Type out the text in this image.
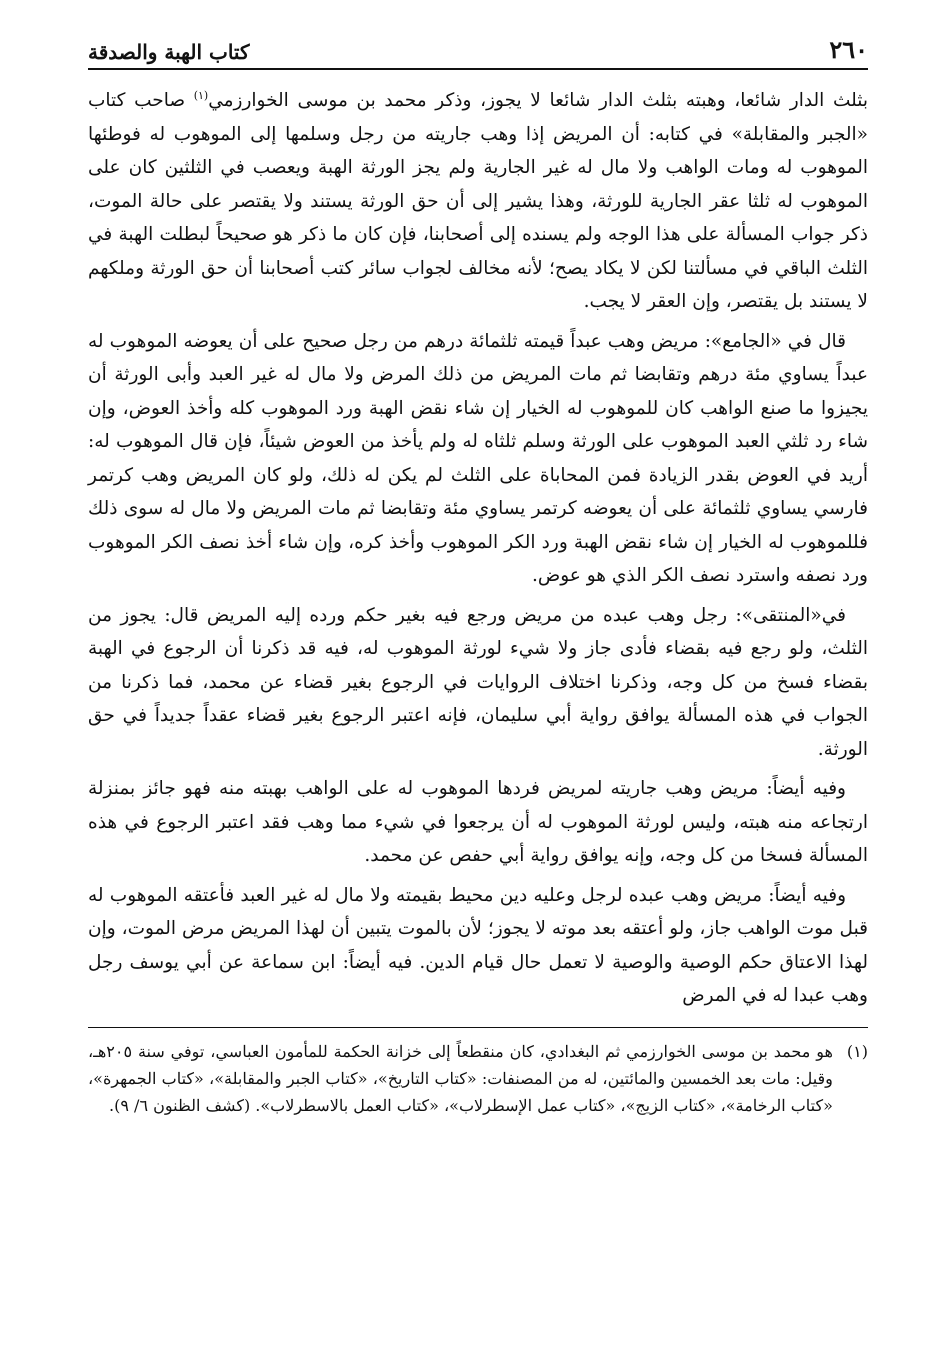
٢٦٠
كتاب الهبة والصدقة

بثلث الدار شائعا، وهبته بثلث الدار شائعا لا يجوز، وذكر محمد بن موسى الخوارزمي$^{(١)}$ صاحب كتاب «الجبر والمقابلة» في كتابه: أن المريض إذا وهب جاريته من رجل وسلمها إلى الموهوب له فوطئها الموهوب له ومات الواهب ولا مال له غير الجارية ولم يجز الورثة الهبة ويعصب في الثلثين كان على الموهوب له ثلثا عقر الجارية للورثة، وهذا يشير إلى أن حق الورثة يستند ولا يقتصر على حالة الموت، ذكر جواب المسألة على هذا الوجه ولم يسنده إلى أصحابنا، فإن كان ما ذكر هو صحيحاً لبطلت الهبة في الثلث الباقي في مسألتنا لكن لا يكاد يصح؛ لأنه مخالف لجواب سائر كتب أصحابنا أن حق الورثة وملكهم لا يستند بل يقتصر، وإن العقر لا يجب.

قال في «الجامع»: مريض وهب عبداً قيمته ثلثمائة درهم من رجل صحيح على أن يعوضه الموهوب له عبداً يساوي مئة درهم وتقابضا ثم مات المريض من ذلك المرض ولا مال له غير العبد وأبى الورثة أن يجيزوا ما صنع الواهب كان للموهوب له الخيار إن شاء نقض الهبة ورد الموهوب كله وأخذ العوض، وإن شاء رد ثلثي العبد الموهوب على الورثة وسلم ثلثاه له ولم يأخذ من العوض شيئاً، فإن قال الموهوب له: أريد في العوض بقدر الزيادة فمن المحاباة على الثلث لم يكن له ذلك، ولو كان المريض وهب كرتمر فارسي يساوي ثلثمائة على أن يعوضه كرتمر يساوي مئة وتقابضا ثم مات المريض ولا مال له سوى ذلك فللموهوب له الخيار إن شاء نقض الهبة ورد الكر الموهوب وأخذ كره، وإن شاء أخذ نصف الكر الموهوب ورد نصفه واسترد نصف الكر الذي هو عوض.

في«المنتقى»: رجل وهب عبده من مريض ورجع فيه بغير حكم ورده إليه المريض قال: يجوز من الثلث، ولو رجع فيه بقضاء فأدى جاز ولا شيء لورثة الموهوب له، فيه قد ذكرنا أن الرجوع في الهبة بقضاء فسخ من كل وجه، وذكرنا اختلاف الروايات في الرجوع بغير قضاء عن محمد، فما ذكرنا من الجواب في هذه المسألة يوافق رواية أبي سليمان، فإنه اعتبر الرجوع بغير قضاء عقداً جديداً في حق الورثة.

وفيه أيضاً: مريض وهب جاريته لمريض فردها الموهوب له على الواهب بهبته منه فهو جائز بمنزلة ارتجاعه منه هبته، وليس لورثة الموهوب له أن يرجعوا في شيء مما وهب فقد اعتبر الرجوع في هذه المسألة فسخا من كل وجه، وإنه يوافق رواية أبي حفص عن محمد.

وفيه أيضاً: مريض وهب عبده لرجل وعليه دين محيط بقيمته ولا مال له غير العبد فأعتقه الموهوب له قبل موت الواهب جاز، ولو أعتقه بعد موته لا يجوز؛ لأن بالموت يتبين أن لهذا المريض مرض الموت، وإن لهذا الاعتاق حكم الوصية والوصية لا تعمل حال قيام الدين. فيه أيضاً: ابن سماعة عن أبي يوسف رجل وهب عبدا له في المرض

(١)
هو محمد بن موسى الخوارزمي ثم البغدادي، كان منقطعاً إلى خزانة الحكمة للمأمون العباسي، توفي سنة ٢٠٥هـ، وقيل: مات بعد الخمسين والمائتين، له من المصنفات: «كتاب التاريخ»، «كتاب الجبر والمقابلة»، «كتاب الجمهرة»، «كتاب الرخامة»، «كتاب الزيج»، «كتاب عمل الإسطرلاب»، «كتاب العمل بالاسطرلاب». (كشف الظنون ٦/ ٩).
